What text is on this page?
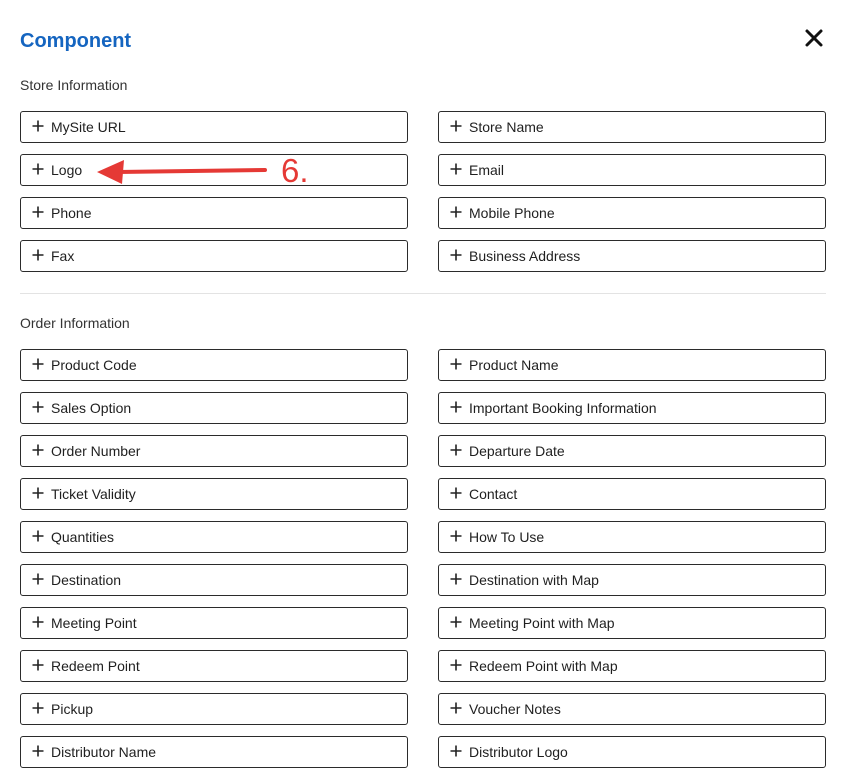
Component
Store Information
MySite URL	Store Name
Logo	Email
Phone	Mobile Phone
Fax	Business Address
Order Information
Product Code	Product Name
Sales Option	Important Booking Information
Order Number	Departure Date
Ticket Validity	Contact
Quantities	How To Use
Destination	Destination with Map
Meeting Point	Meeting Point with Map
Redeem Point	Redeem Point with Map
Pickup	Voucher Notes
Distributor Name	Distributor Logo
6.
